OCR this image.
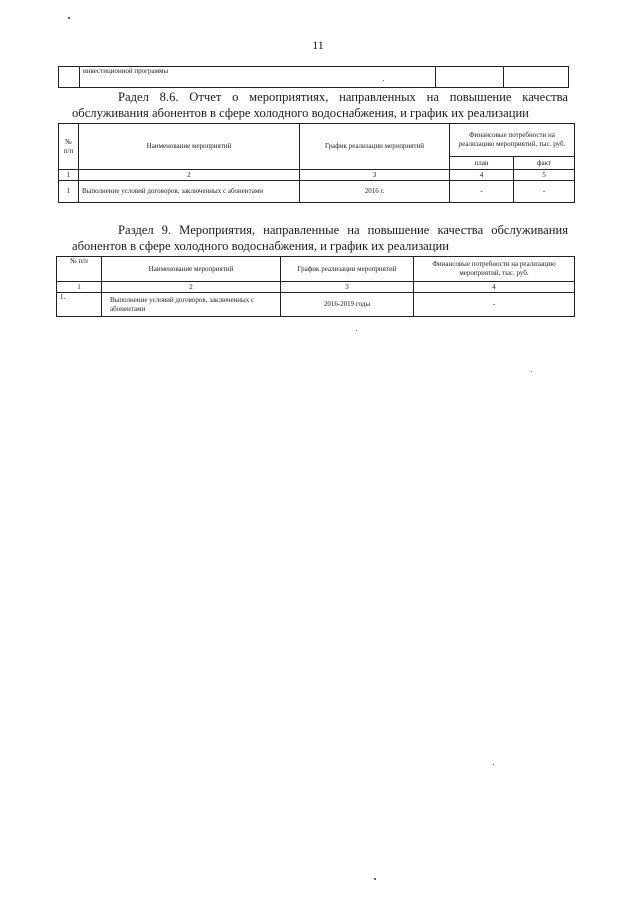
11
	инвестиционной программы		
Радел 8.6. Отчет о мероприятиях, направленных на повышение качества
обслуживания абонентов в сфере холодного водоснабжения, и график их реализации
№ п/п	Наименование мероприятий	График реализации мероприятий	Финансовые потребности на реализацию мероприятий, тыс. руб.	
			план	факт
1	2	3	4	5
1	Выполнение условий договоров, заключенных с абонентами	2016 г.	-	-
Раздел 9. Мероприятия, направленные на повышение качества обслуживания
абонентов в сфере холодного водоснабжения, и график их реализации
№ п/п	Наименование мероприятий	График реализации мероприятий	Финансовые потребности на реализацию мероприятий, тыс. руб.
1	2	3	4
1.	Выполнение условий договоров, заключенных с абонентами	2016-2019 годы	-
